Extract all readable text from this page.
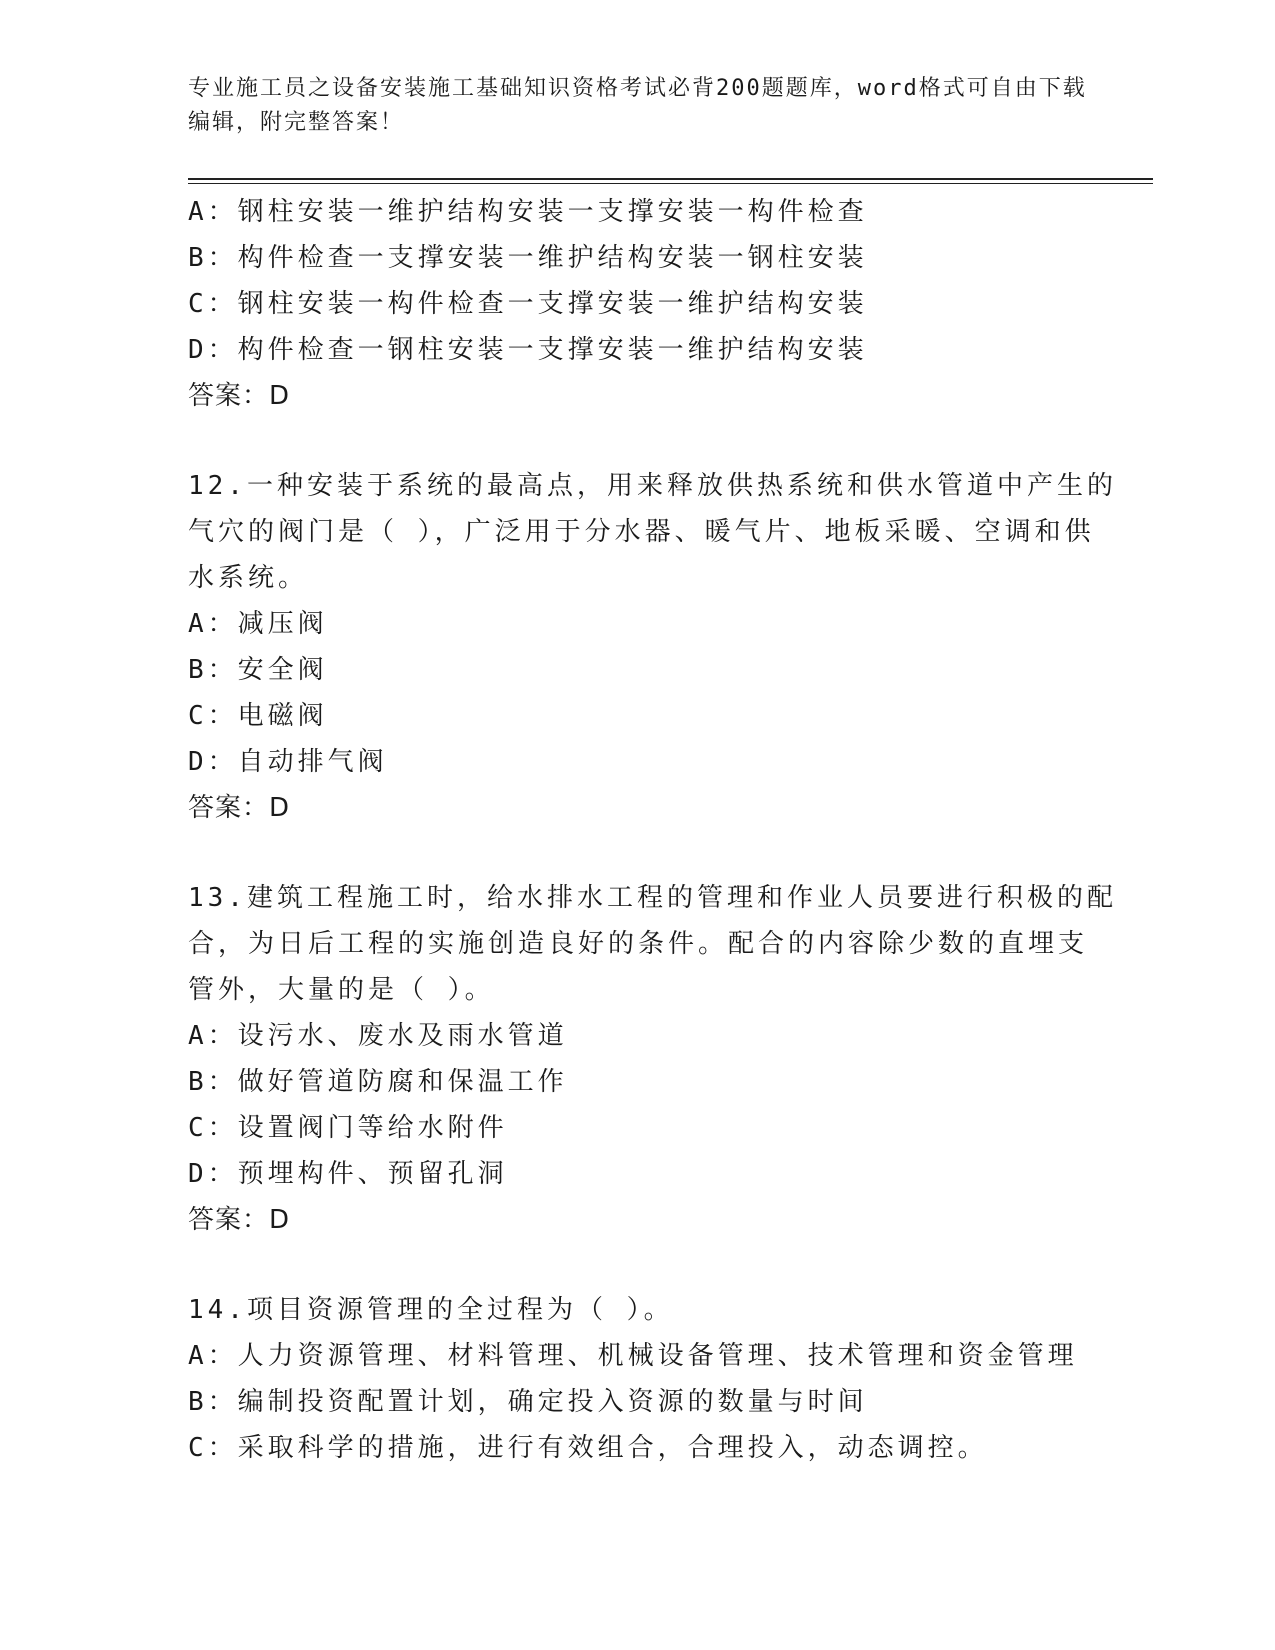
专业施工员之设备安装施工基础知识资格考试必背200题题库，word格式可自由下载编辑，附完整答案！
A：钢柱安装一维护结构安装一支撑安装一构件检查
B：构件检查一支撑安装一维护结构安装一钢柱安装
C：钢柱安装一构件检查一支撑安装一维护结构安装
D：构件检查一钢柱安装一支撑安装一维护结构安装
答案：D
12.一种安装于系统的最高点，用来释放供热系统和供水管道中产生的
气穴的阀门是（ ），广泛用于分水器、暖气片、地板采暖、空调和供
水系统。
A：减压阀
B：安全阀
C：电磁阀
D：自动排气阀
答案：D
13.建筑工程施工时，给水排水工程的管理和作业人员要进行积极的配
合，为日后工程的实施创造良好的条件。配合的内容除少数的直埋支
管外，大量的是（ ）。
A：设污水、废水及雨水管道
B：做好管道防腐和保温工作
C：设置阀门等给水附件
D：预埋构件、预留孔洞
答案：D
14.项目资源管理的全过程为（ ）。
A：人力资源管理、材料管理、机械设备管理、技术管理和资金管理
B：编制投资配置计划，确定投入资源的数量与时间
C：采取科学的措施，进行有效组合，合理投入，动态调控。
